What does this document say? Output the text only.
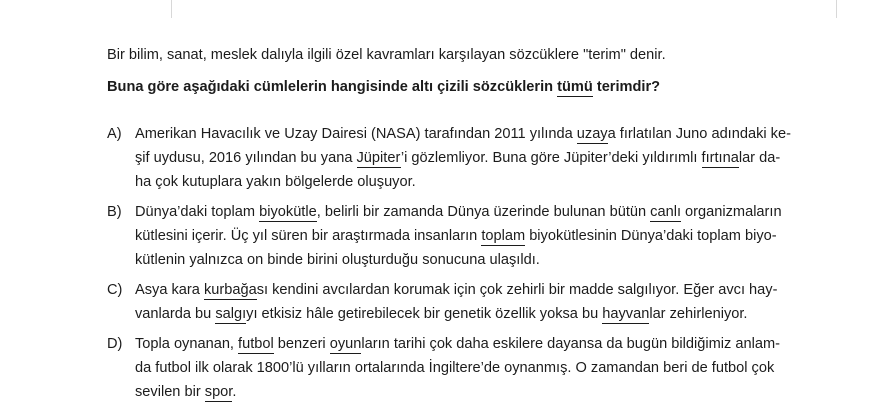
Bir bilim, sanat, meslek dalıyla ilgili özel kavramları karşılayan sözcüklere "terim" denir.

Buna göre aşağıdaki cümlelerin hangisinde altı çizili sözcüklerin tümü terimdir?

A) Amerikan Havacılık ve Uzay Dairesi (NASA) tarafından 2011 yılında uzaya fırlatılan Juno adındaki ke-
şif uydusu, 2016 yılından bu yana Jüpiter’i gözlemliyor. Buna göre Jüpiter’deki yıldırımlı fırtınalar da-
ha çok kutuplara yakın bölgelerde oluşuyor.
B) Dünya’daki toplam biyokütle, belirli bir zamanda Dünya üzerinde bulunan bütün canlı organizmaların
kütlesini içerir. Üç yıl süren bir araştırmada insanların toplam biyokütlesinin Dünya’daki toplam biyo-
kütlenin yalnızca on binde birini oluşturduğu sonucuna ulaşıldı.
C) Asya kara kurbağası kendini avcılardan korumak için çok zehirli bir madde salgılıyor. Eğer avcı hay-
vanlarda bu salgıyı etkisiz hâle getirebilecek bir genetik özellik yoksa bu hayvanlar zehirleniyor.
D) Topla oynanan, futbol benzeri oyunların tarihi çok daha eskilere dayansa da bugün bildiğimiz anlam-
da futbol ilk olarak 1800’lü yılların ortalarında İngiltere’de oynanmış. O zamandan beri de futbol çok
sevilen bir spor.
